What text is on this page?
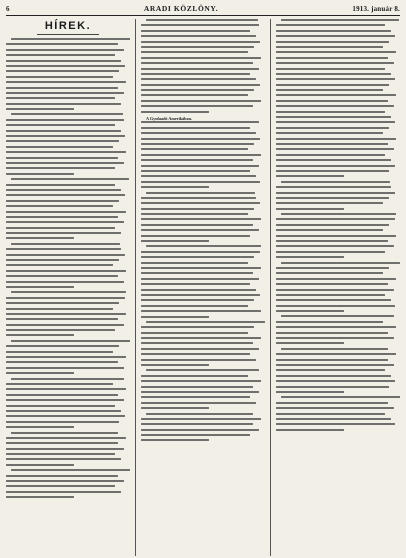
6	ARADI KÖZLÖNY.	1913. január 8.
HÍREK.

A Gyufaadó Amerikában.
